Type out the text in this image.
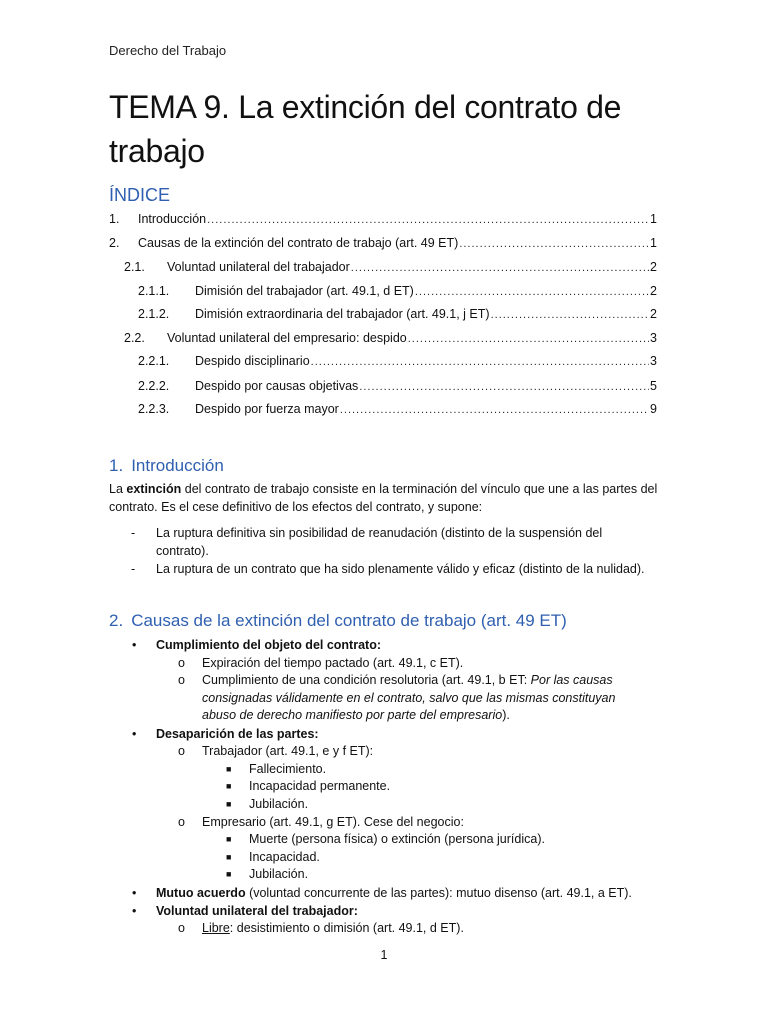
Derecho del Trabajo
TEMA 9. La extinción del contrato de trabajo
ÍNDICE
1.	Introducción .....	1
2.	Causas de la extinción del contrato de trabajo (art. 49 ET) .....	1
2.1.	Voluntad unilateral del trabajador .....	2
2.1.1.	Dimisión del trabajador (art. 49.1, d ET) .....	2
2.1.2.	Dimisión extraordinaria del trabajador (art. 49.1, j ET) .....	2
2.2.	Voluntad unilateral del empresario: despido .....	3
2.2.1.	Despido disciplinario .....	3
2.2.2.	Despido por causas objetivas .....	5
2.2.3.	Despido por fuerza mayor .....	9
1. Introducción
La extinción del contrato de trabajo consiste en la terminación del vínculo que une a las partes del contrato. Es el cese definitivo de los efectos del contrato, y supone:
- La ruptura definitiva sin posibilidad de reanudación (distinto de la suspensión del contrato).
- La ruptura de un contrato que ha sido plenamente válido y eficaz (distinto de la nulidad).
2. Causas de la extinción del contrato de trabajo (art. 49 ET)
• Cumplimiento del objeto del contrato:
o Expiración del tiempo pactado (art. 49.1, c ET).
o Cumplimiento de una condición resolutoria (art. 49.1, b ET: Por las causas consignadas válidamente en el contrato, salvo que las mismas constituyan abuso de derecho manifiesto por parte del empresario).
• Desaparición de las partes:
o Trabajador (art. 49.1, e y f ET):
■ Fallecimiento.
■ Incapacidad permanente.
■ Jubilación.
o Empresario (art. 49.1, g ET). Cese del negocio:
■ Muerte (persona física) o extinción (persona jurídica).
■ Incapacidad.
■ Jubilación.
• Mutuo acuerdo (voluntad concurrente de las partes): mutuo disenso (art. 49.1, a ET).
• Voluntad unilateral del trabajador:
o Libre: desistimiento o dimisión (art. 49.1, d ET).
1
